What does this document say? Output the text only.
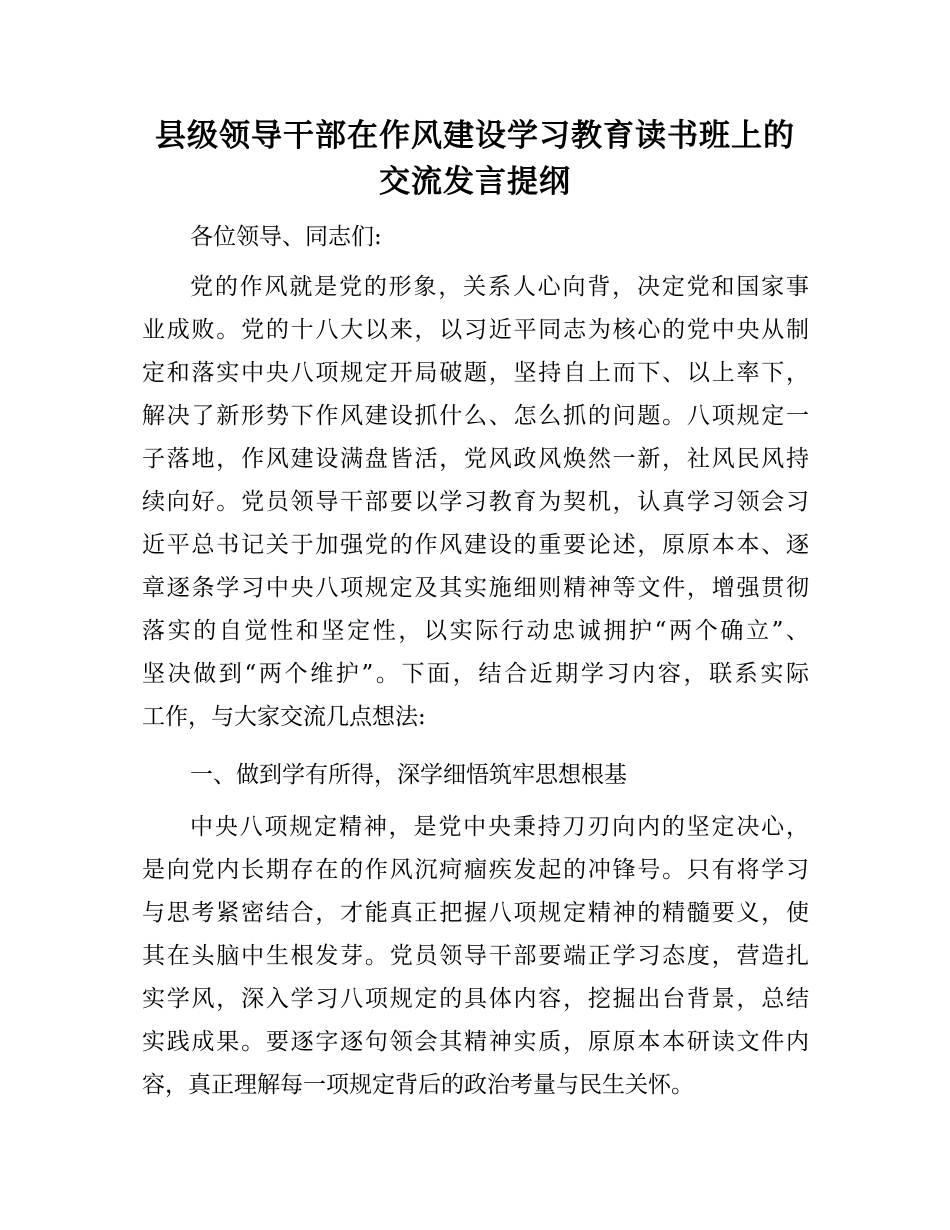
县级领导干部在作风建设学习教育读书班上的
交流发言提纲
各位领导、同志们:
党的作风就是党的形象，关系人心向背，决定党和国家事
业成败。党的十八大以来，以习近平同志为核心的党中央从制
定和落实中央八项规定开局破题，坚持自上而下、以上率下，
解决了新形势下作风建设抓什么、怎么抓的问题。八项规定一
子落地，作风建设满盘皆活，党风政风焕然一新，社风民风持
续向好。党员领导干部要以学习教育为契机，认真学习领会习
近平总书记关于加强党的作风建设的重要论述，原原本本、逐
章逐条学习中央八项规定及其实施细则精神等文件，增强贯彻
落实的自觉性和坚定性，以实际行动忠诚拥护“两个确立”、
坚决做到“两个维护”。下面，结合近期学习内容，联系实际
工作，与大家交流几点想法:
一、做到学有所得，深学细悟筑牢思想根基
中央八项规定精神，是党中央秉持刀刃向内的坚定决心，
是向党内长期存在的作风沉疴痼疾发起的冲锋号。只有将学习
与思考紧密结合，才能真正把握八项规定精神的精髓要义，使
其在头脑中生根发芽。党员领导干部要端正学习态度，营造扎
实学风，深入学习八项规定的具体内容，挖掘出台背景，总结
实践成果。要逐字逐句领会其精神实质，原原本本研读文件内
容，真正理解每一项规定背后的政治考量与民生关怀。
